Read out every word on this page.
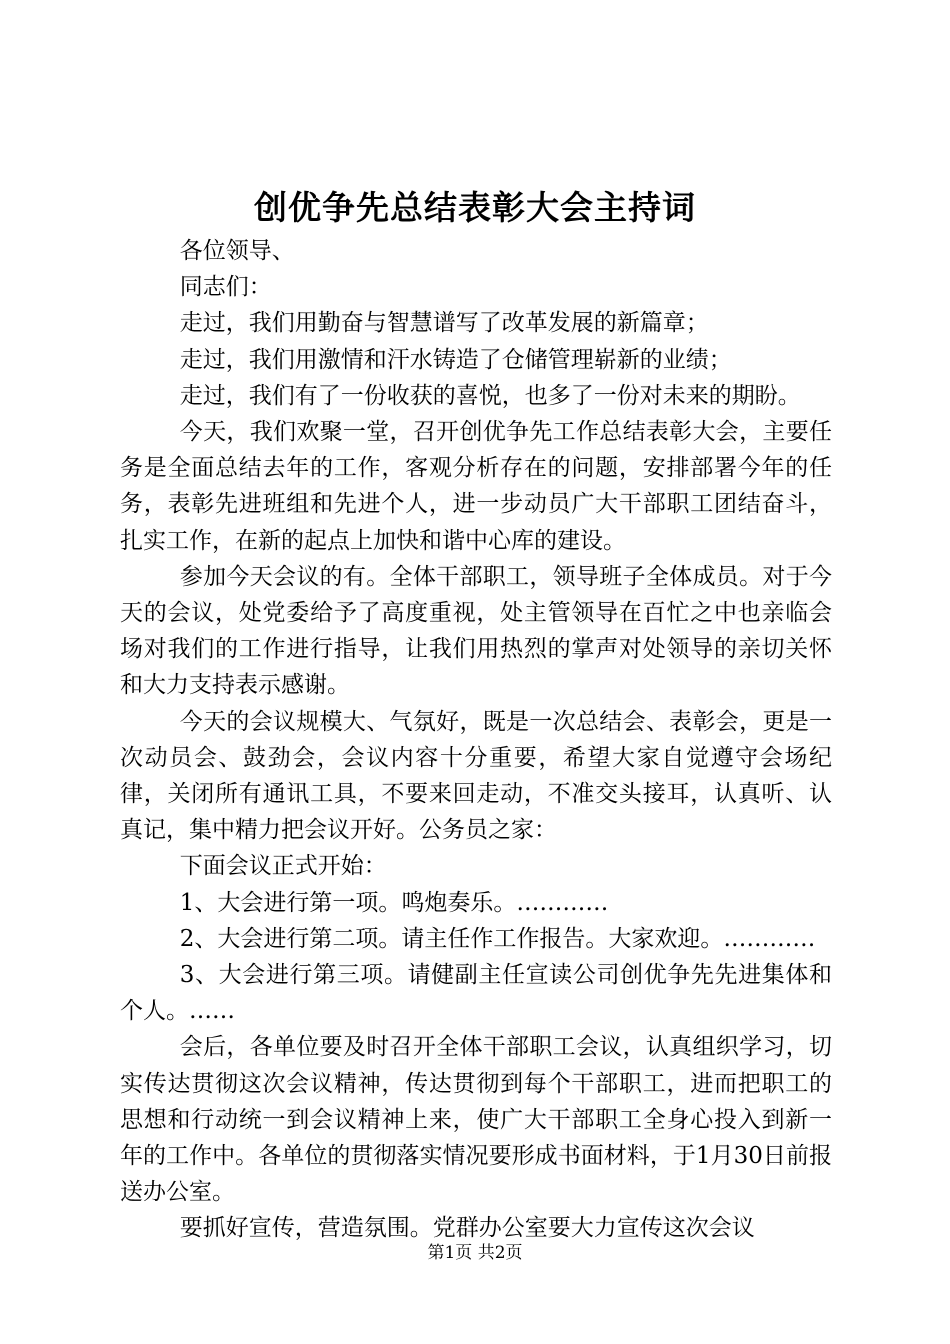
创优争先总结表彰大会主持词

各位领导、

同志们：

走过，我们用勤奋与智慧谱写了改革发展的新篇章；

走过，我们用激情和汗水铸造了仓储管理崭新的业绩；

走过，我们有了一份收获的喜悦，也多了一份对未来的期盼。

今天，我们欢聚一堂，召开创优争先工作总结表彰大会，主要任务是全面总结去年的工作，客观分析存在的问题，安排部署今年的任务，表彰先进班组和先进个人，进一步动员广大干部职工团结奋斗，扎实工作，在新的起点上加快和谐中心库的建设。

参加今天会议的有。全体干部职工，领导班子全体成员。对于今天的会议，处党委给予了高度重视，处主管领导在百忙之中也亲临会场对我们的工作进行指导，让我们用热烈的掌声对处领导的亲切关怀和大力支持表示感谢。

今天的会议规模大、气氛好，既是一次总结会、表彰会，更是一次动员会、鼓劲会，会议内容十分重要，希望大家自觉遵守会场纪律，关闭所有通讯工具，不要来回走动，不准交头接耳，认真听、认真记，集中精力把会议开好。公务员之家：

下面会议正式开始：

1、大会进行第一项。鸣炮奏乐。…………

2、大会进行第二项。请主任作工作报告。大家欢迎。…………

3、大会进行第三项。请健副主任宣读公司创优争先先进集体和个人。……

会后，各单位要及时召开全体干部职工会议，认真组织学习，切实传达贯彻这次会议精神，传达贯彻到每个干部职工，进而把职工的思想和行动统一到会议精神上来，使广大干部职工全身心投入到新一年的工作中。各单位的贯彻落实情况要形成书面材料，于1月30日前报送办公室。

要抓好宣传，营造氛围。党群办公室要大力宣传这次会议

第1页 共2页
